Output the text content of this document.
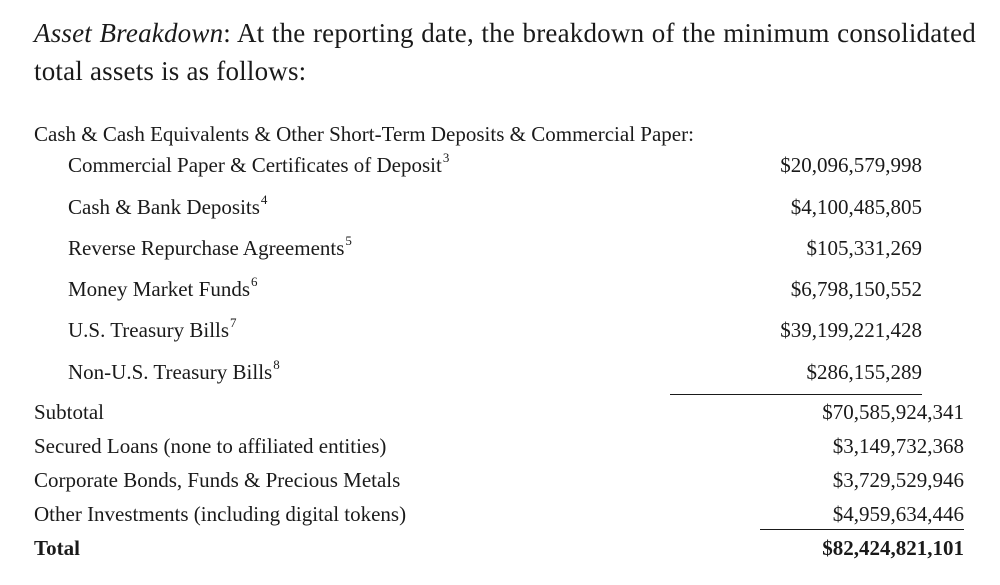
Asset Breakdown: At the reporting date, the breakdown of the minimum consolidated total assets is as follows:
Cash & Cash Equivalents & Other Short-Term Deposits & Commercial Paper:
Commercial Paper & Certificates of Deposit$^3$	$20,096,579,998
Cash & Bank Deposits$^4$	$4,100,485,805
Reverse Repurchase Agreements$^5$	$105,331,269
Money Market Funds$^6$	$6,798,150,552
U.S. Treasury Bills$^7$	$39,199,221,428
Non-U.S. Treasury Bills$^8$	$286,155,289
Subtotal	$70,585,924,341
Secured Loans (none to affiliated entities)	$3,149,732,368
Corporate Bonds, Funds & Precious Metals	$3,729,529,946
Other Investments (including digital tokens)	$4,959,634,446
Total	$82,424,821,101
